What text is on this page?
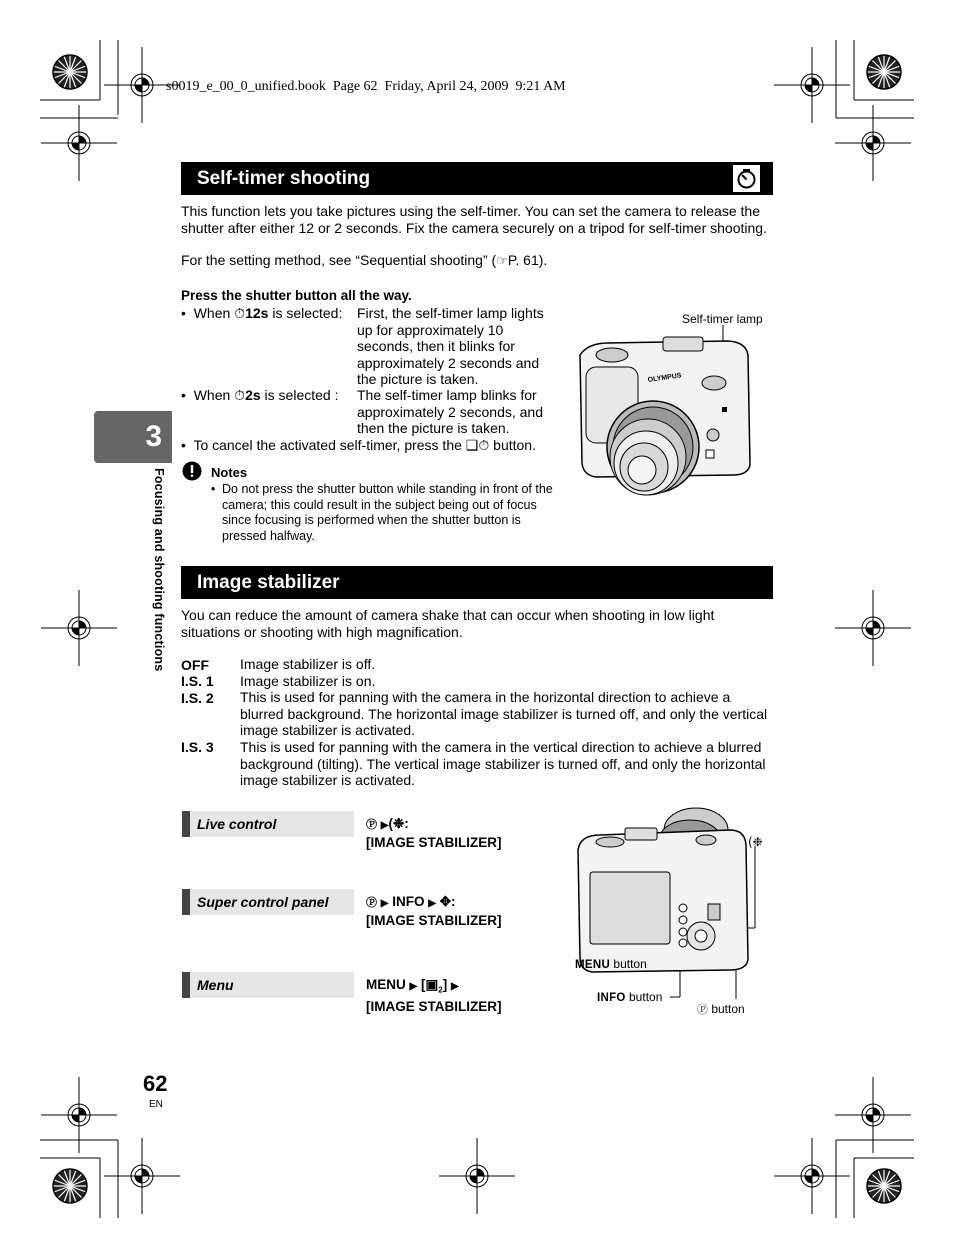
s0019_e_00_0_unified.book  Page 62  Friday, April 24, 2009  9:21 AM
Self-timer shooting
This function lets you take pictures using the self-timer. You can set the camera to release the shutter after either 12 or 2 seconds. Fix the camera securely on a tripod for self-timer shooting.
For the setting method, see “Sequential shooting” (☞P. 61).
Press the shutter button all the way.
•  When ⏱12s is selected: First, the self-timer lamp lights up for approximately 10 seconds, then it blinks for approximately 2 seconds and the picture is taken.
•  When ⏱2s is selected : The self-timer lamp blinks for approximately 2 seconds, and then the picture is taken.
•  To cancel the activated self-timer, press the ❏⏱ button.
Notes
• Do not press the shutter button while standing in front of the camera; this could result in the subject being out of focus since focusing is performed when the shutter button is pressed halfway.
Self-timer lamp
OLYMPUS
3
Focusing and shooting functions	Image stabilizer
You can reduce the amount of camera shake that can occur when shooting in low light situations or shooting with high magnification.
OFF Image stabilizer is off.
I.S. 1 Image stabilizer is on.
I.S. 2 This is used for panning with the camera in the horizontal direction to achieve a blurred background. The horizontal image stabilizer is turned off, and only the vertical image stabilizer is activated.
I.S. 3 This is used for panning with the camera in the vertical direction to achieve a blurred background (tilting). The vertical image stabilizer is turned off, and only the horizontal image stabilizer is activated.
Live control	Ⓟ ▶(❉:
[IMAGE STABILIZER]
Super control panel	Ⓟ ▶ INFO ▶ ✥:
[IMAGE STABILIZER]
Menu	MENU ▶ $[▣_2]$ ▶
[IMAGE STABILIZER]
(❉
MENU button
INFO button
Ⓟ button
62
EN
